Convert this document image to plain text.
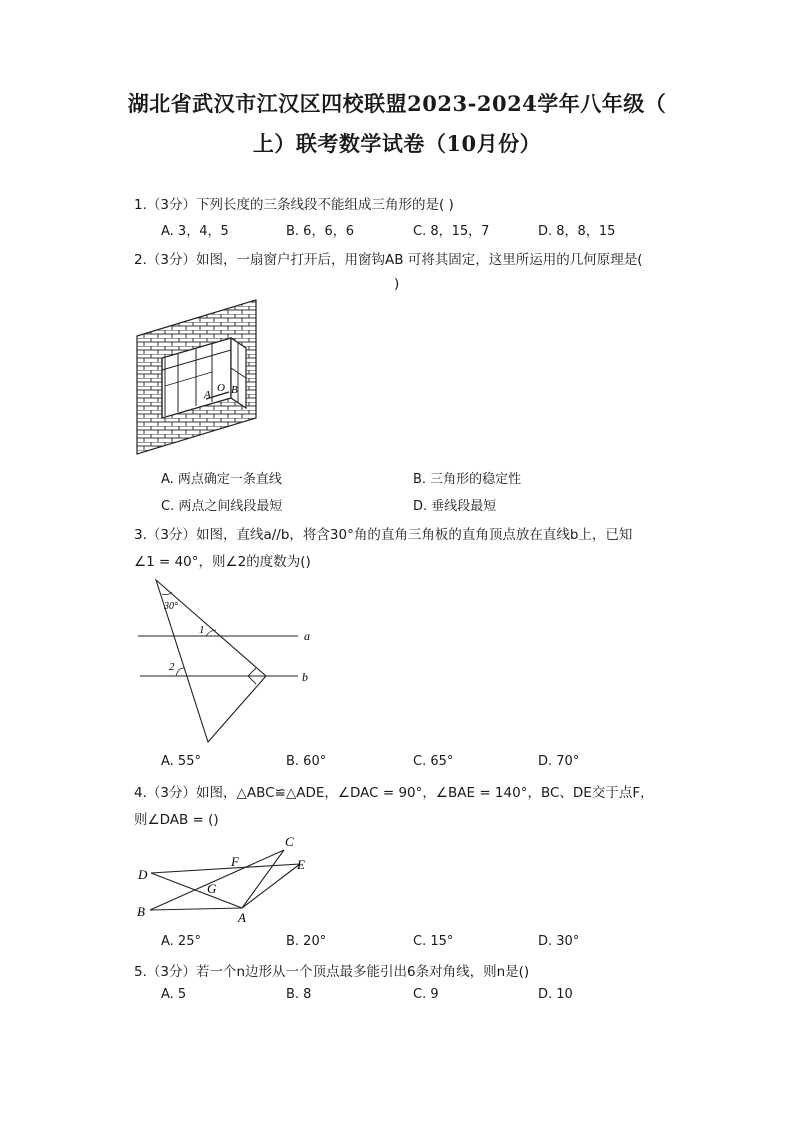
湖北省武汉市江汉区四校联盟2023-2024学年八年级（
上）联考数学试卷（10月份）
1.（3分）下列长度的三条线段不能组成三角形的是( )
A. 3，4，5	B. 6，6，6	C. 8，15，7	D. 8，8，15
2.（3分）如图，一扇窗户打开后，用窗钩AB 可将其固定，这里所运用的几何原理是(
)
A
O B
A. 两点确定一条直线	B. 三角形的稳定性
C. 两点之间线段最短	D. 垂线段最短
3.（3分）如图，直线a//b，将含30°角的直角三角板的直角顶点放在直线b上，已知
∠1 = 40°，则∠2的度数为()
30°
1
2
a
b
A. 55°	B. 60°	C. 65°	D. 70°
4.（3分）如图，△ABC≌△ADE，∠DAC = 90°，∠BAE = 140°，BC、DE交于点F，
则∠DAB = ()
C
F	E
D
G
B	A
A. 25°	B. 20°	C. 15°	D. 30°
5.（3分）若一个n边形从一个顶点最多能引出6条对角线，则n是()
A. 5	B. 8	C. 9	D. 10
